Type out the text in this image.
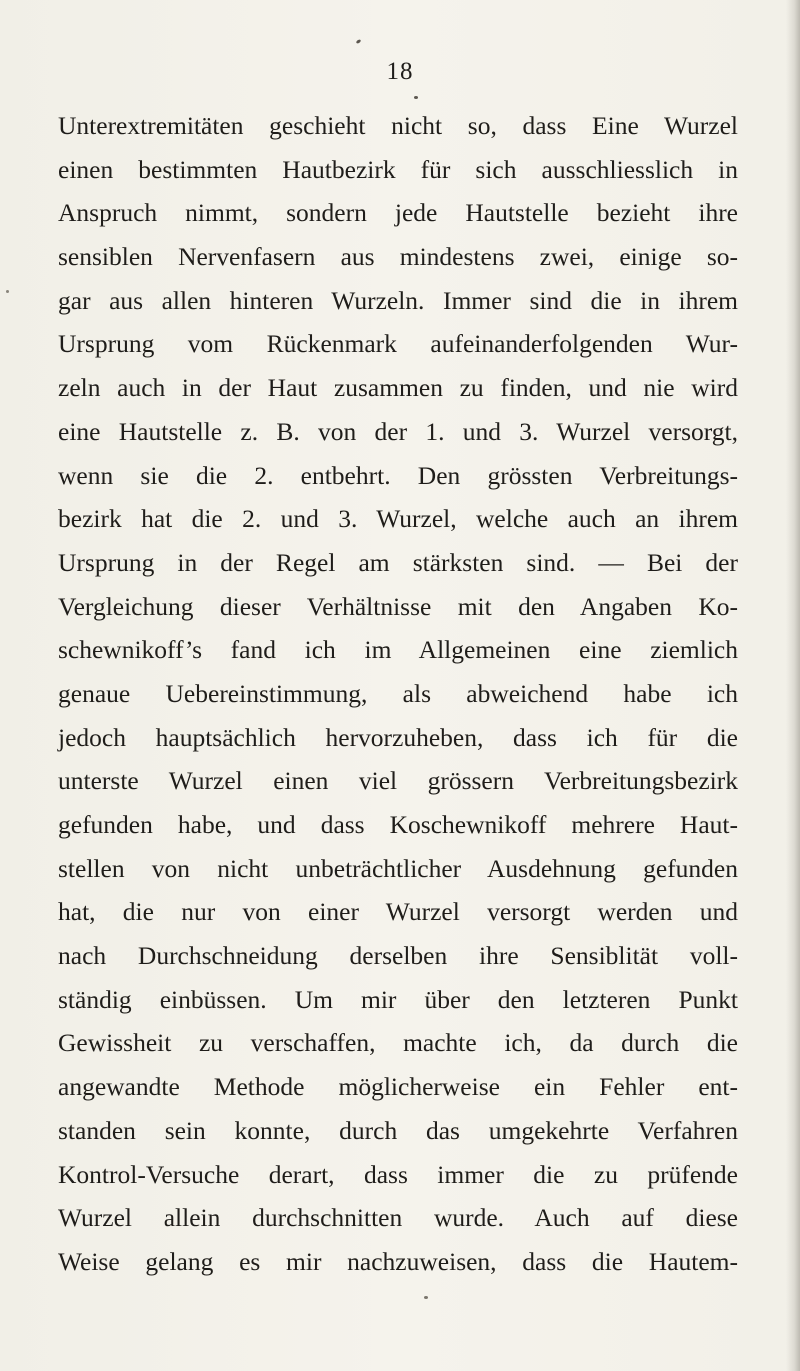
18
Unterextremitäten geschieht nicht so, dass Eine Wurzel
einen bestimmten Hautbezirk für sich ausschliesslich in
Anspruch nimmt, sondern jede Hautstelle bezieht ihre
sensiblen Nervenfasern aus mindestens zwei, einige so-
gar aus allen hinteren Wurzeln. Immer sind die in ihrem
Ursprung vom Rückenmark aufeinanderfolgenden Wur-
zeln auch in der Haut zusammen zu finden, und nie wird
eine Hautstelle z. B. von der 1. und 3. Wurzel versorgt,
wenn sie die 2. entbehrt. Den grössten Verbreitungs-
bezirk hat die 2. und 3. Wurzel, welche auch an ihrem
Ursprung in der Regel am stärksten sind. — Bei der
Vergleichung dieser Verhältnisse mit den Angaben Ko-
schewnikoff’s fand ich im Allgemeinen eine ziemlich
genaue Uebereinstimmung, als abweichend habe ich
jedoch hauptsächlich hervorzuheben, dass ich für die
unterste Wurzel einen viel grössern Verbreitungsbezirk
gefunden habe, und dass Koschewnikoff mehrere Haut-
stellen von nicht unbeträchtlicher Ausdehnung gefunden
hat, die nur von einer Wurzel versorgt werden und
nach Durchschneidung derselben ihre Sensiblität voll-
ständig einbüssen. Um mir über den letzteren Punkt
Gewissheit zu verschaffen, machte ich, da durch die
angewandte Methode möglicherweise ein Fehler ent-
standen sein konnte, durch das umgekehrte Verfahren
Kontrol-Versuche derart, dass immer die zu prüfende
Wurzel allein durchschnitten wurde. Auch auf diese
Weise gelang es mir nachzuweisen, dass die Hautem-
